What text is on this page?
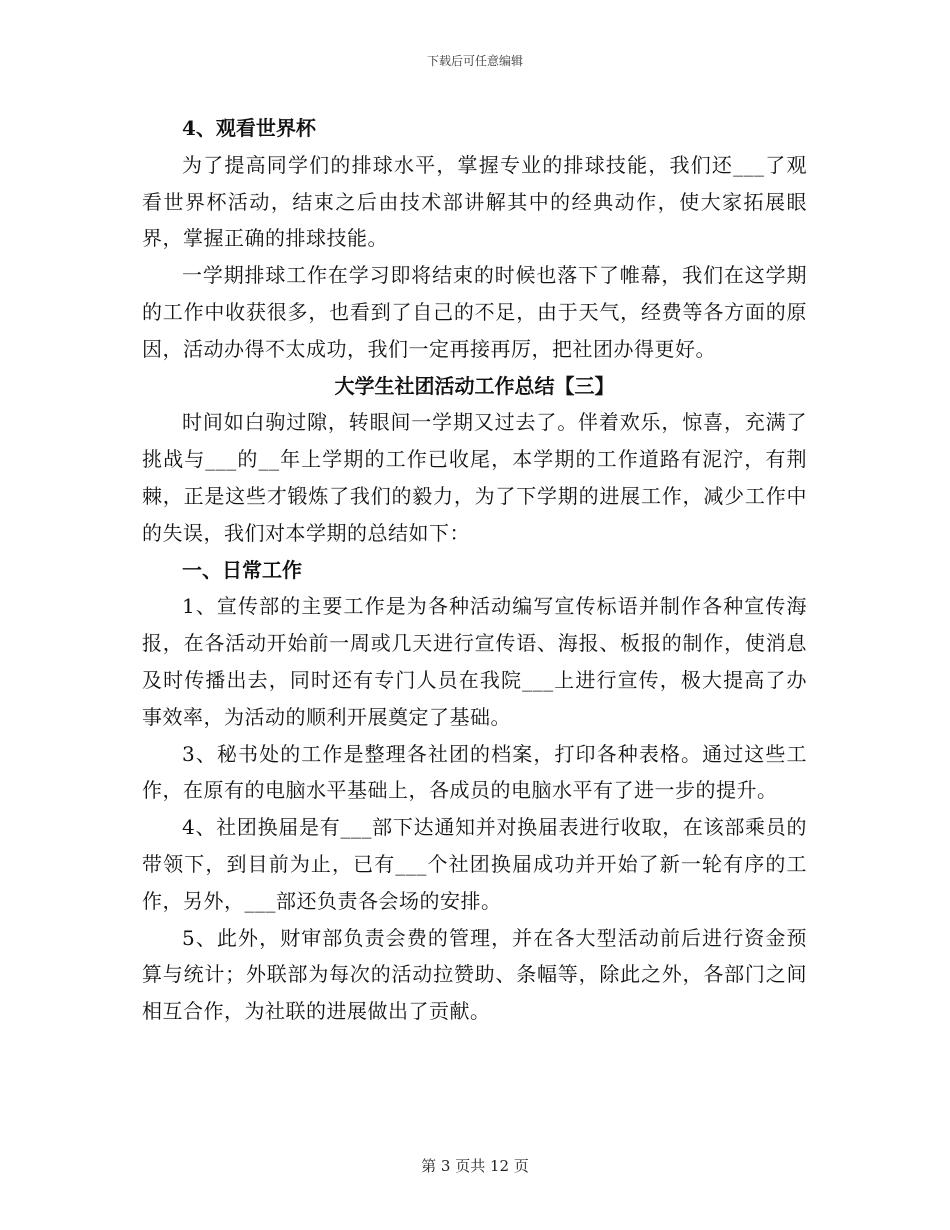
下载后可任意编辑

4、观看世界杯

为了提高同学们的排球水平，掌握专业的排球技能，我们还___了观看世界杯活动，结束之后由技术部讲解其中的经典动作，使大家拓展眼界，掌握正确的排球技能。

一学期排球工作在学习即将结束的时候也落下了帷幕，我们在这学期的工作中收获很多，也看到了自己的不足，由于天气，经费等各方面的原因，活动办得不太成功，我们一定再接再厉，把社团办得更好。

大学生社团活动工作总结【三】

时间如白驹过隙，转眼间一学期又过去了。伴着欢乐，惊喜，充满了挑战与___的__年上学期的工作已收尾，本学期的工作道路有泥泞，有荆棘，正是这些才锻炼了我们的毅力，为了下学期的进展工作，减少工作中的失误，我们对本学期的总结如下：

一、日常工作

1、宣传部的主要工作是为各种活动编写宣传标语并制作各种宣传海报，在各活动开始前一周或几天进行宣传语、海报、板报的制作，使消息及时传播出去，同时还有专门人员在我院___上进行宣传，极大提高了办事效率，为活动的顺利开展奠定了基础。

3、秘书处的工作是整理各社团的档案，打印各种表格。通过这些工作，在原有的电脑水平基础上，各成员的电脑水平有了进一步的提升。

4、社团换届是有___部下达通知并对换届表进行收取，在该部乘员的带领下，到目前为止，已有___个社团换届成功并开始了新一轮有序的工作，另外，___部还负责各会场的安排。

5、此外，财审部负责会费的管理，并在各大型活动前后进行资金预算与统计；外联部为每次的活动拉赞助、条幅等，除此之外，各部门之间相互合作，为社联的进展做出了贡献。

第 3 页共 12 页
